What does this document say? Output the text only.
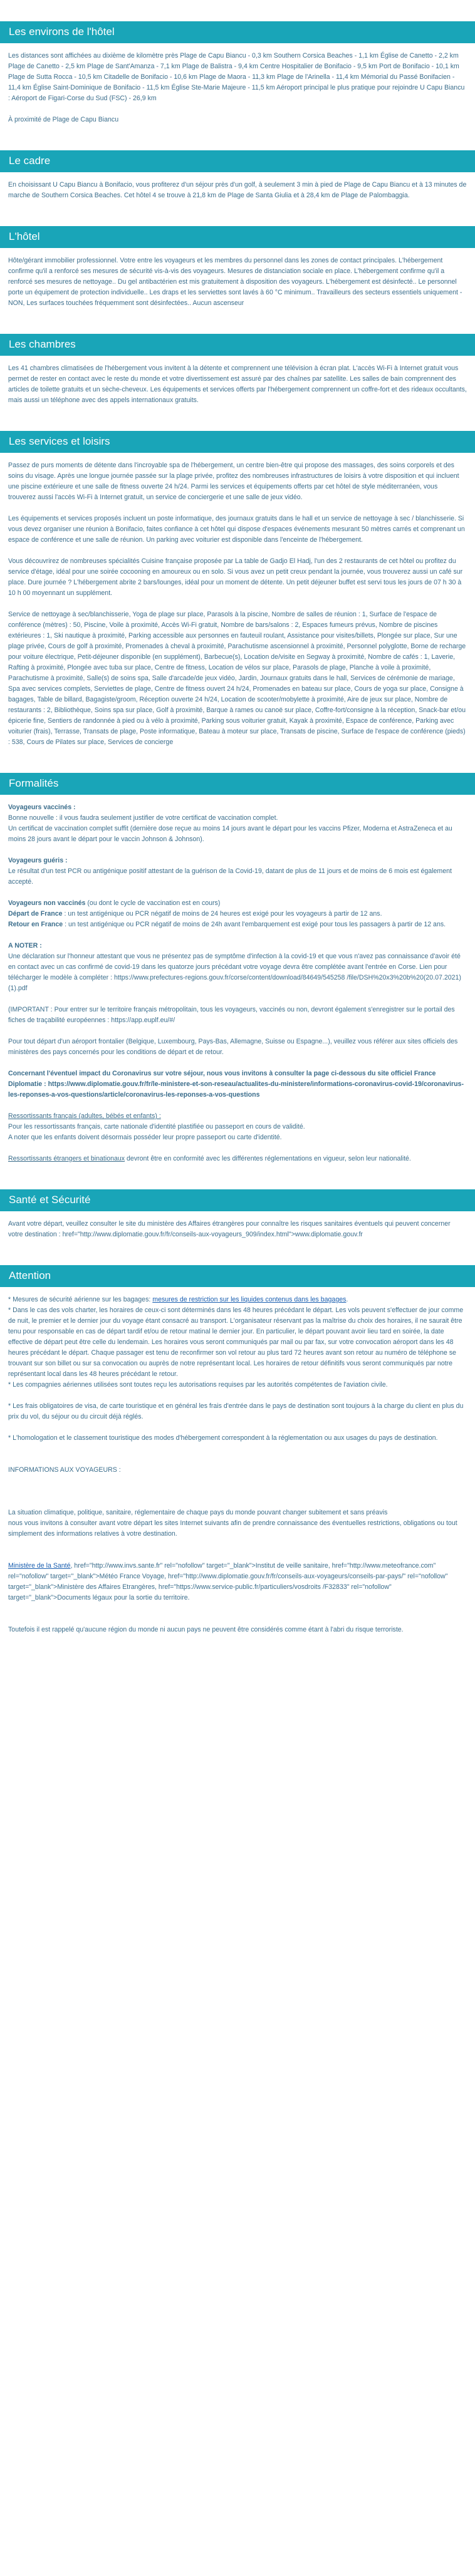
Les environs de l'hôtel

Les distances sont affichées au dixième de kilomètre près Plage de Capu Biancu - 0,3 km Southern Corsica Beaches - 1,1 km Église de Canetto - 2,2 km Plage de Canetto - 2,5 km Plage de Sant'Amanza - 7,1 km Plage de Balistra - 9,4 km Centre Hospitalier de Bonifacio - 9,5 km Port de Bonifacio - 10,1 km Plage de Sutta Rocca - 10,5 km Citadelle de Bonifacio - 10,6 km Plage de Maora - 11,3 km Plage de l'Arinella - 11,4 km Mémorial du Passé Bonifacien - 11,4 km Église Saint-Dominique de Bonifacio - 11,5 km Église Ste-Marie Majeure - 11,5 km Aéroport principal le plus pratique pour rejoindre U Capu Biancu : Aéroport de Figari-Corse du Sud (FSC) - 26,9 km

À proximité de Plage de Capu Biancu

Le cadre

En choisissant U Capu Biancu à Bonifacio, vous profiterez d'un séjour près d'un golf, à seulement 3 min à pied de Plage de Capu Biancu et à 13 minutes de marche de Southern Corsica Beaches. Cet hôtel 4 se trouve à 21,8 km de Plage de Santa Giulia et à 28,4 km de Plage de Palombaggia.

L'hôtel

Hôte/gérant immobilier professionnel. Votre entre les voyageurs et les membres du personnel dans les zones de contact principales. L'hébergement confirme qu'il a renforcé ses mesures de sécurité vis-à-vis des voyageurs. Mesures de distanciation sociale en place. L'hébergement confirme qu'il a renforcé ses mesures de nettoyage.. Du gel antibactérien est mis gratuitement à disposition des voyageurs. L'hébergement est désinfecté.. Le personnel porte un équipement de protection individuelle.. Les draps et les serviettes sont lavés à 60 °C minimum.. Travailleurs des secteurs essentiels uniquement - NON, Les surfaces touchées fréquemment sont désinfectées.. Aucun ascenseur

Les chambres

Les 41 chambres climatisées de l'hébergement vous invitent à la détente et comprennent une télévision à écran plat. L'accès Wi-Fi à Internet gratuit vous permet de rester en contact avec le reste du monde et votre divertissement est assuré par des chaînes par satellite. Les salles de bain comprennent des articles de toilette gratuits et un sèche-cheveux. Les équipements et services offerts par l'hébergement comprennent un coffre-fort et des rideaux occultants, mais aussi un téléphone avec des appels internationaux gratuits.

Les services et loisirs

Passez de purs moments de détente dans l'incroyable spa de l'hébergement, un centre bien-être qui propose des massages, des soins corporels et des soins du visage. Après une longue journée passée sur la plage privée, profitez des nombreuses infrastructures de loisirs à votre disposition et qui incluent une piscine extérieure et une salle de fitness ouverte 24 h/24. Parmi les services et équipements offerts par cet hôtel de style méditerranéen, vous trouverez aussi l'accès Wi-Fi à Internet gratuit, un service de conciergerie et une salle de jeux vidéo.

Les équipements et services proposés incluent un poste informatique, des journaux gratuits dans le hall et un service de nettoyage à sec / blanchisserie. Si vous devez organiser une réunion à Bonifacio, faites confiance à cet hôtel qui dispose d'espaces événements mesurant 50 mètres carrés et comprenant un espace de conférence et une salle de réunion. Un parking avec voiturier est disponible dans l'enceinte de l'hébergement.

Vous découvrirez de nombreuses spécialités Cuisine française proposée par La table de Gadjo El Hadj, l'un des 2 restaurants de cet hôtel ou profitez du service d'étage, idéal pour une soirée cocooning en amoureux ou en solo. Si vous avez un petit creux pendant la journée, vous trouverez aussi un café sur place. Dure journée ? L'hébergement abrite 2 bars/lounges, idéal pour un moment de détente. Un petit déjeuner buffet est servi tous les jours de 07 h 30 à 10 h 00 moyennant un supplément.

Service de nettoyage à sec/blanchisserie, Yoga de plage sur place, Parasols à la piscine, Nombre de salles de réunion : 1, Surface de l'espace de conférence (mètres) : 50, Piscine, Voile à proximité, Accès Wi-Fi gratuit, Nombre de bars/salons : 2, Espaces fumeurs prévus, Nombre de piscines extérieures : 1, Ski nautique à proximité, Parking accessible aux personnes en fauteuil roulant, Assistance pour visites/billets, Plongée sur place, Sur une plage privée, Cours de golf à proximité, Promenades à cheval à proximité, Parachutisme ascensionnel à proximité, Personnel polyglotte, Borne de recharge pour voiture électrique, Petit-déjeuner disponible (en supplément), Barbecue(s), Location de/visite en Segway à proximité, Nombre de cafés : 1, Laverie, Rafting à proximité, Plongée avec tuba sur place, Centre de fitness, Location de vélos sur place, Parasols de plage, Planche à voile à proximité, Parachutisme à proximité, Salle(s) de soins spa, Salle d'arcade/de jeux vidéo, Jardin, Journaux gratuits dans le hall, Services de cérémonie de mariage, Spa avec services complets, Serviettes de plage, Centre de fitness ouvert 24 h/24, Promenades en bateau sur place, Cours de yoga sur place, Consigne à bagages, Table de billard, Bagagiste/groom, Réception ouverte 24 h/24, Location de scooter/mobylette à proximité, Aire de jeux sur place, Nombre de restaurants : 2, Bibliothèque, Soins spa sur place, Golf à proximité, Barque à rames ou canoë sur place, Coffre-fort/consigne à la réception, Snack-bar et/ou épicerie fine, Sentiers de randonnée à pied ou à vélo à proximité, Parking sous voiturier gratuit, Kayak à proximité, Espace de conférence, Parking avec voiturier (frais), Terrasse, Transats de plage, Poste informatique, Bateau à moteur sur place, Transats de piscine, Surface de l'espace de conférence (pieds) : 538, Cours de Pilates sur place, Services de concierge

Formalités

Voyageurs vaccinés :

Bonne nouvelle : il vous faudra seulement justifier de votre certificat de vaccination complet.

Un certificat de vaccination complet suffit (dernière dose reçue au moins 14 jours avant le départ pour les vaccins Pfizer, Moderna et AstraZeneca et au moins 28 jours avant le départ pour le vaccin Johnson & Johnson).

Voyageurs guéris :

Le résultat d'un test PCR ou antigénique positif attestant de la guérison de la Covid-19, datant de plus de 11 jours et de moins de 6 mois est également accepté.

Voyageurs non vaccinés (ou dont le cycle de vaccination est en cours)

Départ de France : un test antigénique ou PCR négatif de moins de 24 heures est exigé pour les voyageurs à partir de 12 ans.

Retour en France : un test antigénique ou PCR négatif de moins de 24h avant l'embarquement est exigé pour tous les passagers à partir de 12 ans.

A NOTER :

Une déclaration sur l'honneur attestant que vous ne présentez pas de symptôme d'infection à la covid-19 et que vous n'avez pas connaissance d'avoir été en contact avec un cas confirmé de covid-19 dans les quatorze jours précédant votre voyage devra être complétée avant l'entrée en Corse. Lien pour télécharger le modèle à compléter : https://www.prefectures-regions.gouv.fr/corse/content/download/84649/545258 /file/DSH%20x3%20b%20(20.07.2021)(1).pdf

(IMPORTANT : Pour entrer sur le territoire français métropolitain, tous les voyageurs, vaccinés ou non, devront également s'enregistrer sur le portail des fiches de traçabilité européennes : https://app.euplf.eu/#/

Pour tout départ d'un aéroport frontalier (Belgique, Luxembourg, Pays-Bas, Allemagne, Suisse ou Espagne...), veuillez vous référer aux sites officiels des ministères des pays concernés pour les conditions de départ et de retour.

Concernant l'éventuel impact du Coronavirus sur votre séjour, nous vous invitons à consulter la page ci-dessous du site officiel France Diplomatie : https://www.diplomatie.gouv.fr/fr/le-ministere-et-son-reseau/actualites-du-ministere/informations-coronavirus-covid-19/coronavirus-les-reponses-a-vos-questions/article/coronavirus-les-reponses-a-vos-questions

Ressortissants français (adultes, bébés et enfants) :

Pour les ressortissants français, carte nationale d'identité plastifiée ou passeport en cours de validité.

A noter que les enfants doivent désormais posséder leur propre passeport ou carte d'identité.

Ressortissants étrangers et binationaux devront être en conformité avec les différentes réglementations en vigueur, selon leur nationalité.

Santé et Sécurité

Avant votre départ, veuillez consulter le site du ministère des Affaires étrangères pour connaître les risques sanitaires éventuels qui peuvent concerner votre destination : href="http://www.diplomatie.gouv.fr/fr/conseils-aux-voyageurs_909/index.html">www.diplomatie.gouv.fr

Attention

* Mesures de sécurité aérienne sur les bagages: mesures de restriction sur les liquides contenus dans les bagages.

* Dans le cas des vols charter, les horaires de ceux-ci sont déterminés dans les 48 heures précédant le départ. Les vols peuvent s'effectuer de jour comme de nuit, le premier et le dernier jour du voyage étant consacré au transport. L'organisateur réservant pas la maîtrise du choix des horaires, il ne saurait être tenu pour responsable en cas de départ tardif et/ou de retour matinal le dernier jour. En particulier, le départ pouvant avoir lieu tard en soirée, la date effective de départ peut être celle du lendemain. Les horaires vous seront communiqués par mail ou par fax, sur votre convocation aéroport dans les 48 heures précédant le départ. Chaque passager est tenu de reconfirmer son vol retour au plus tard 72 heures avant son retour au numéro de téléphone se trouvant sur son billet ou sur sa convocation ou auprès de notre représentant local. Les horaires de retour définitifs vous seront communiqués par notre représentant local dans les 48 heures précédant le retour.

* Les compagnies aériennes utilisées sont toutes reçu les autorisations requises par les autorités compétentes de l'aviation civile.

* Les frais obligatoires de visa, de carte touristique et en général les frais d'entrée dans le pays de destination sont toujours à la charge du client en plus du prix du vol, du séjour ou du circuit déjà réglés.

* L'homologation et le classement touristique des modes d'hébergement correspondent à la réglementation ou aux usages du pays de destination.

INFORMATIONS AUX VOYAGEURS :

La situation climatique, politique, sanitaire, réglementaire de chaque pays du monde pouvant changer subitement et sans préavis

nous vous invitons à consulter avant votre départ les sites Internet suivants afin de prendre connaissance des éventuelles restrictions, obligations ou tout simplement des informations relatives à votre destination.

Ministère de la Santé, href="http://www.invs.sante.fr" rel="nofollow" target="_blank">Institut de veille sanitaire, href="http://www.meteofrance.com" rel="nofollow" target="_blank">Météo France Voyage, href="http://www.diplomatie.gouv.fr/fr/conseils-aux-voyageurs/conseils-par-pays/" rel="nofollow" target="_blank">Ministère des Affaires Etrangères, href="https://www.service-public.fr/particuliers/vosdroits /F32833" rel="nofollow" target="_blank">Documents légaux pour la sortie du territoire.

Toutefois il est rappelé qu'aucune région du monde ni aucun pays ne peuvent être considérés comme étant à l'abri du risque terroriste.
